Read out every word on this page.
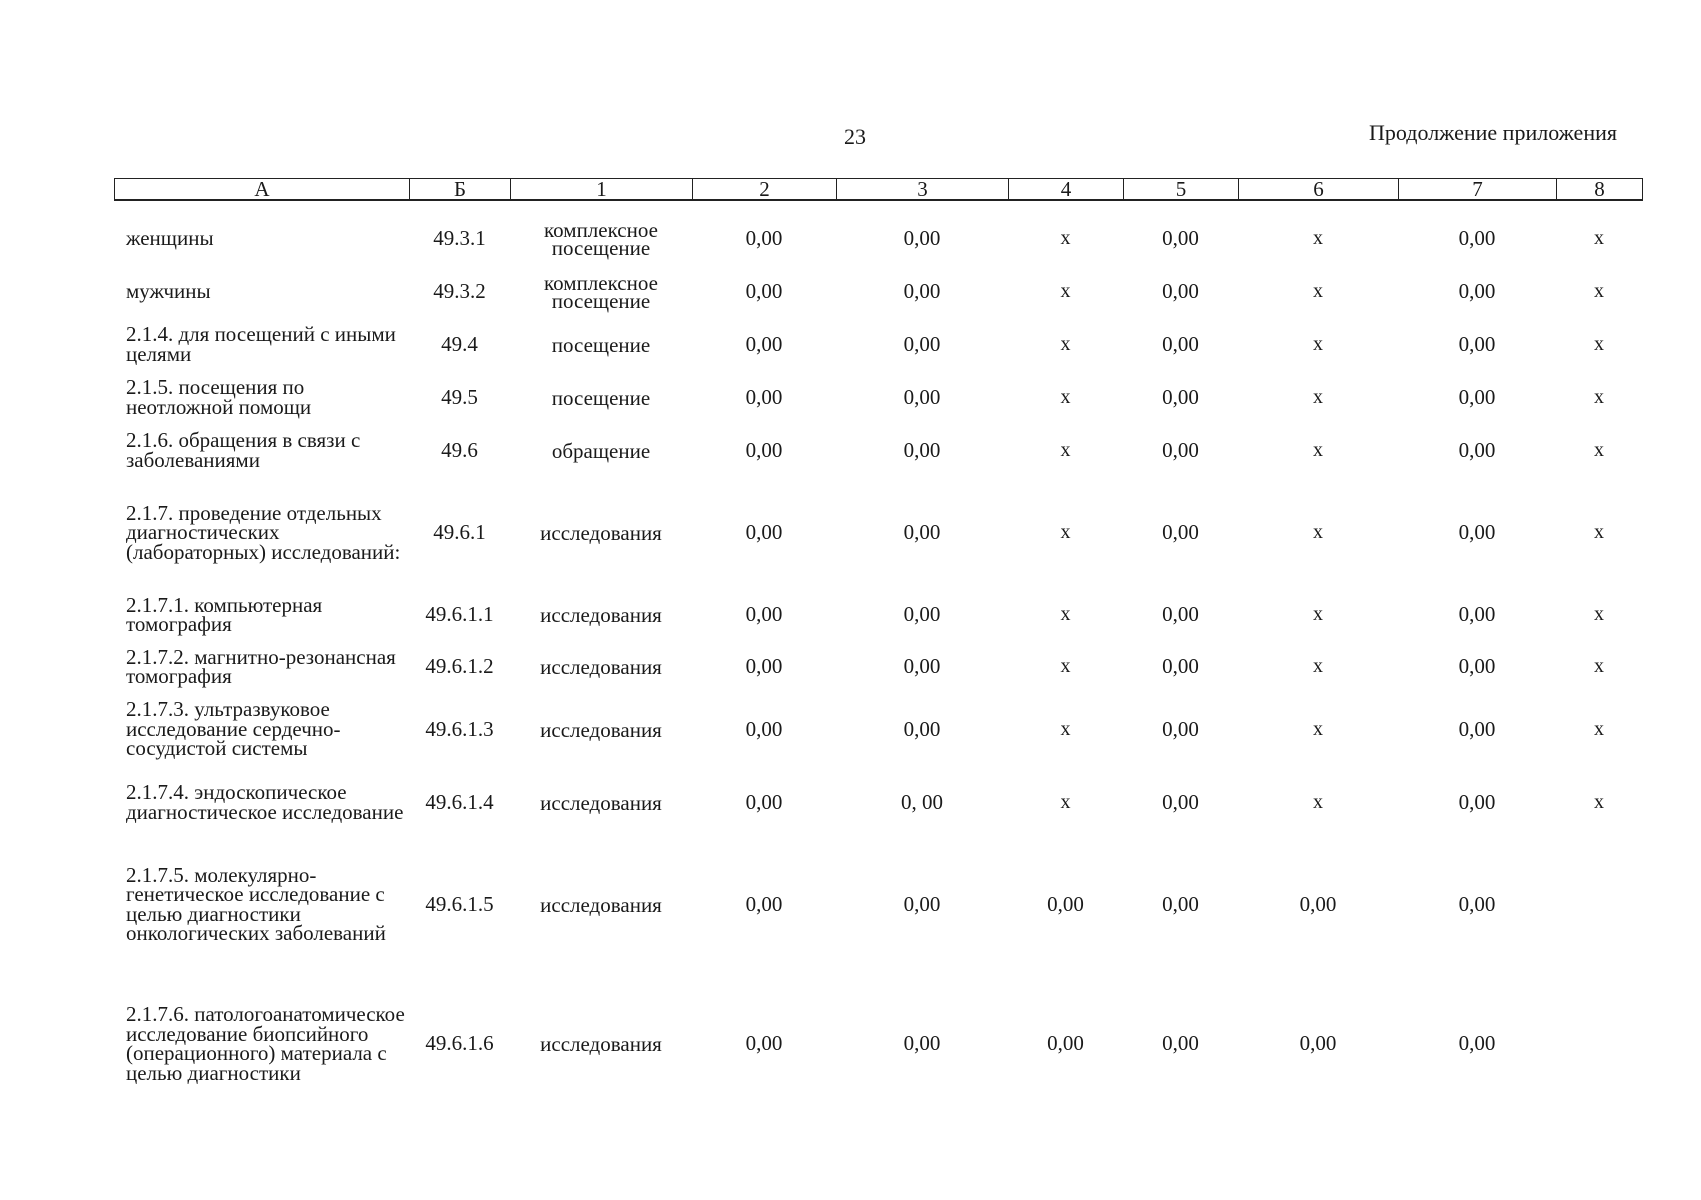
23	Продолжение приложения
А	Б	1	2	3	4	5	6	7	8
женщины	49.3.1	комплексное посещение	0,00	0,00	x	0,00	x	0,00	x
мужчины	49.3.2	комплексное посещение	0,00	0,00	x	0,00	x	0,00	x
2.1.4. для посещений с иными целями	49.4	посещение	0,00	0,00	x	0,00	x	0,00	x
2.1.5. посещения по неотложной помощи	49.5	посещение	0,00	0,00	x	0,00	x	0,00	x
2.1.6. обращения в связи с заболеваниями	49.6	обращение	0,00	0,00	x	0,00	x	0,00	x
2.1.7. проведение отдельных диагностических (лабораторных) исследований:	49.6.1	исследования	0,00	0,00	x	0,00	x	0,00	x
2.1.7.1. компьютерная томография	49.6.1.1	исследования	0,00	0,00	x	0,00	x	0,00	x
2.1.7.2. магнитно-резонансная томография	49.6.1.2	исследования	0,00	0,00	x	0,00	x	0,00	x
2.1.7.3. ультразвуковое исследование сердечно-сосудистой системы	49.6.1.3	исследования	0,00	0,00	x	0,00	x	0,00	x
2.1.7.4. эндоскопическое диагностическое исследование	49.6.1.4	исследования	0,00	0, 00	x	0,00	x	0,00	x
2.1.7.5. молекулярно-генетическое исследование с целью диагностики онкологических заболеваний	49.6.1.5	исследования	0,00	0,00	0,00	0,00	0,00	0,00	
2.1.7.6. патологоанатомическое исследование биопсийного (операционного) материала с целью диагностики	49.6.1.6	исследования	0,00	0,00	0,00	0,00	0,00	0,00	
